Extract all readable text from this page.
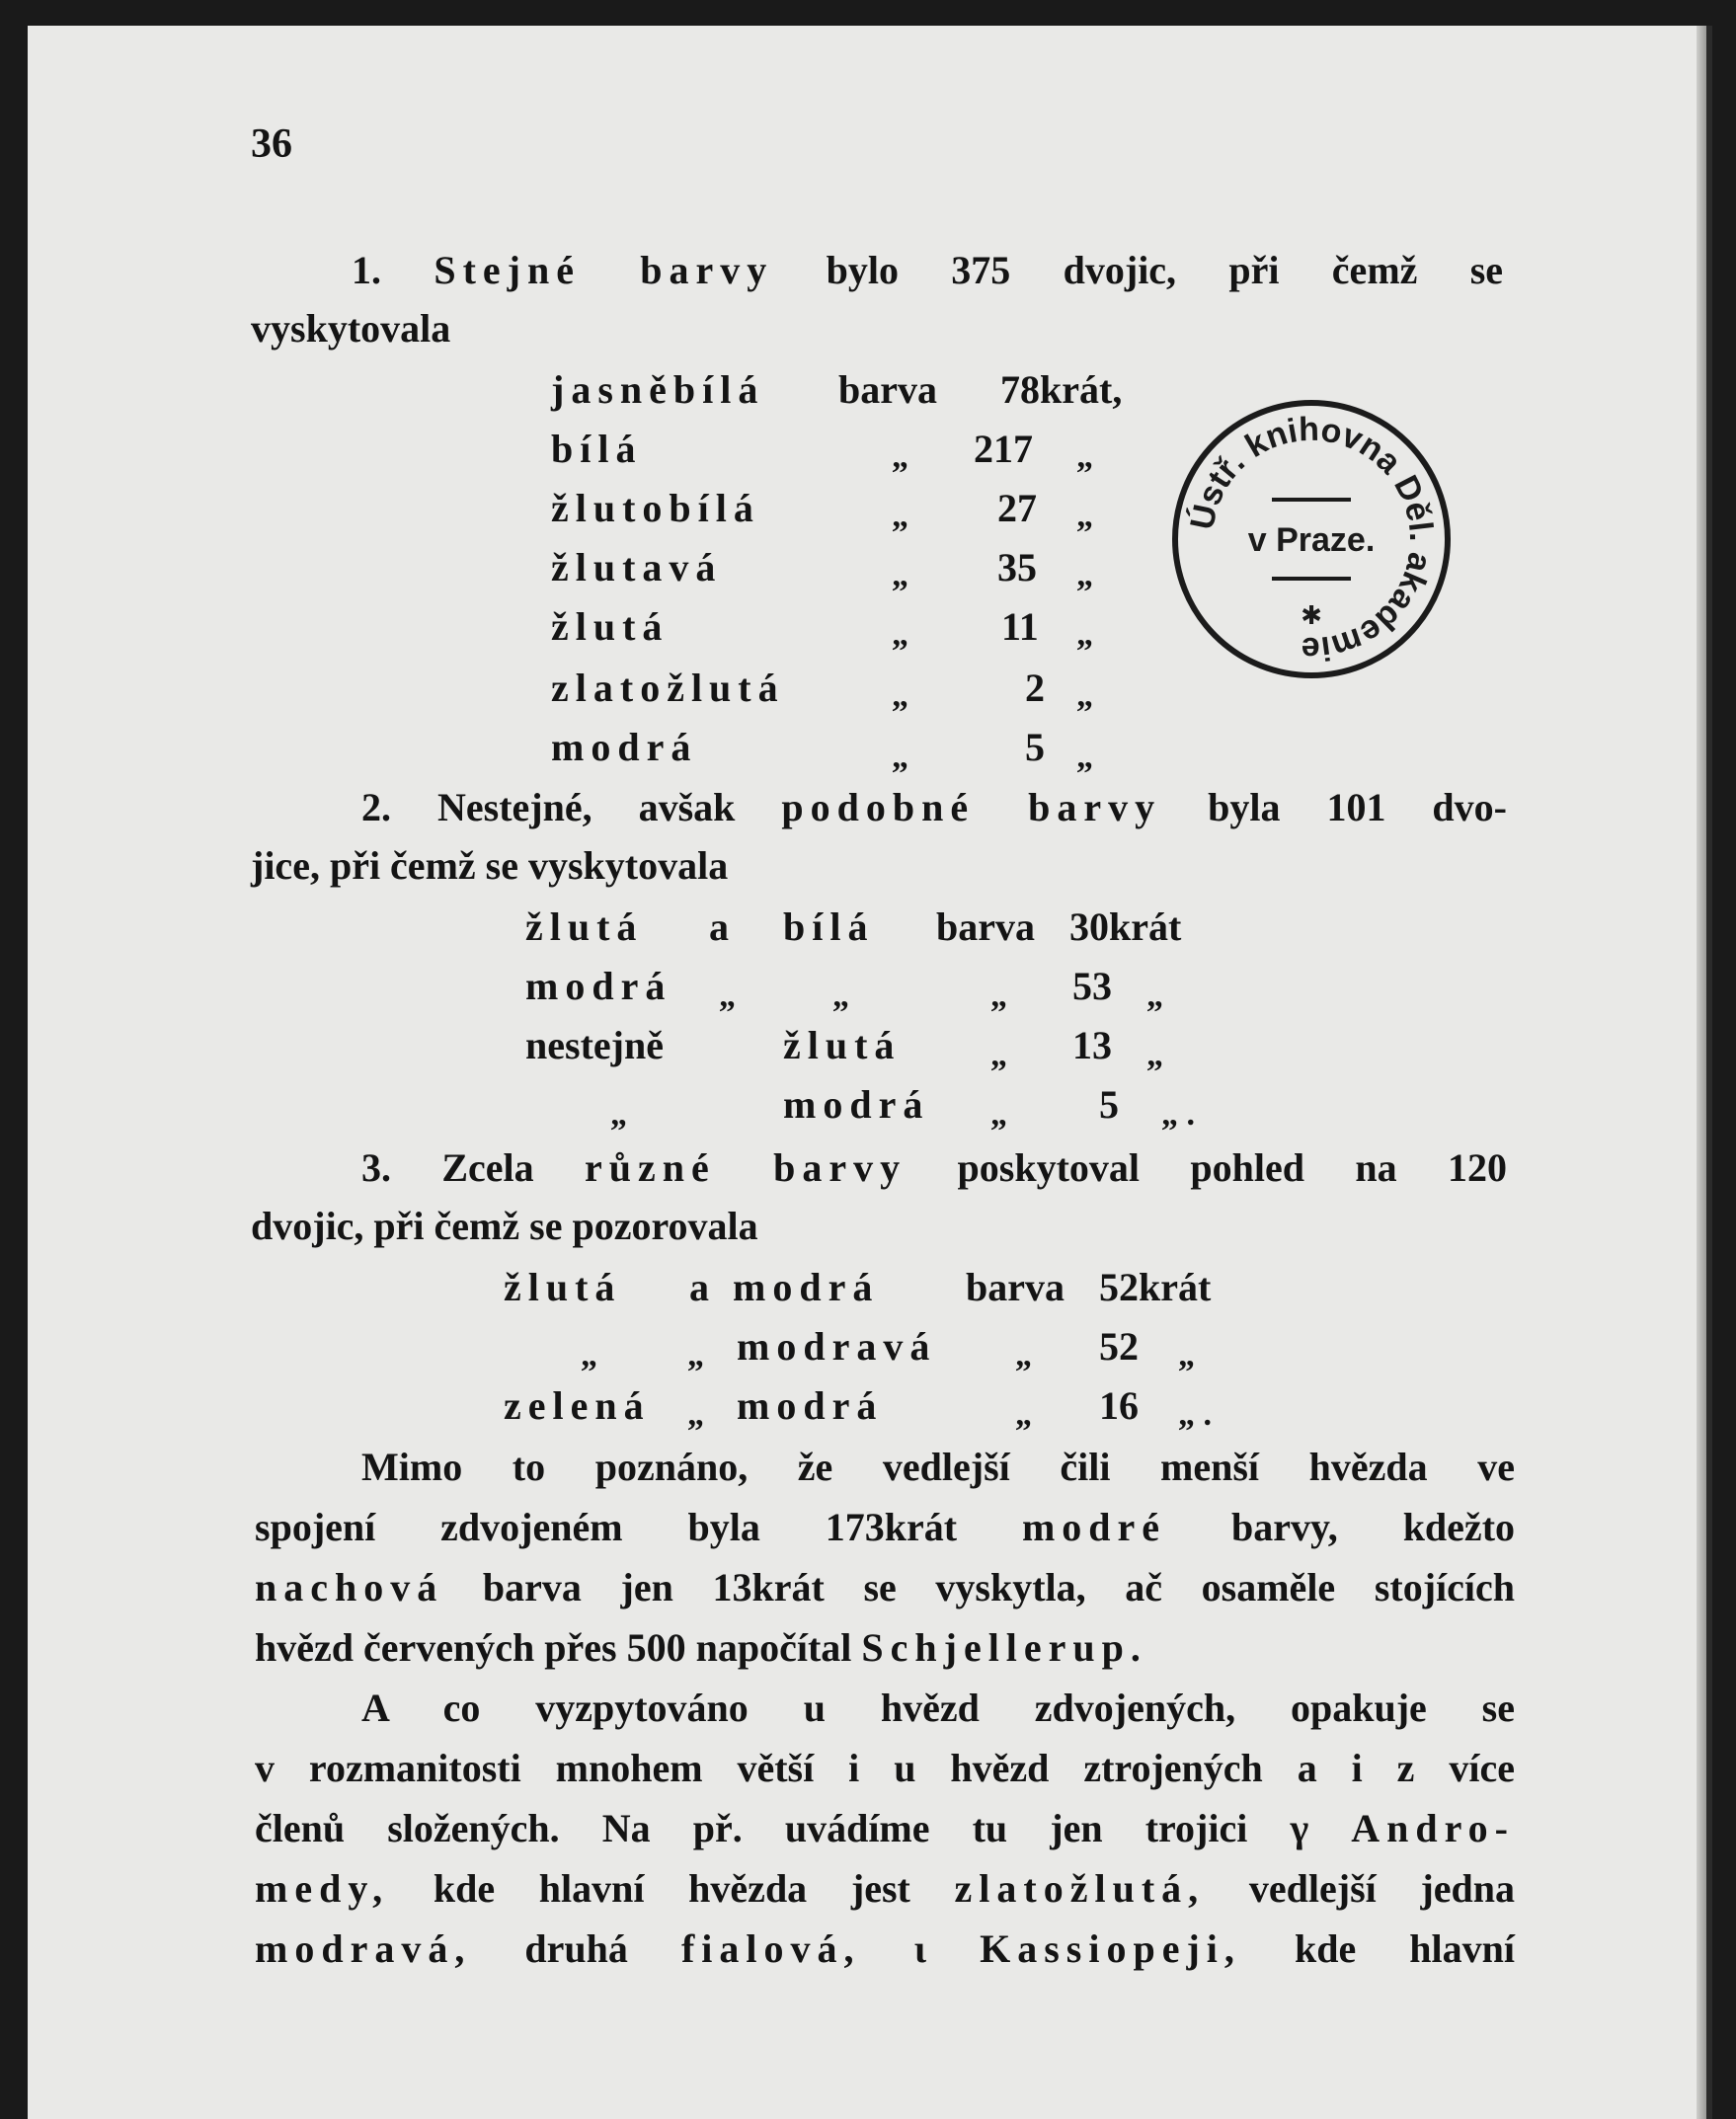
36
1. Stejné barvy bylo 375 dvojic, při čemž se
vyskytovala
jasněbílá barva 78krát,
bílá	„ 217 „
žlutobílá	„ 27 „
žlutavá	„ 35 „
žlutá	„ 11 „
zlatožlutá	„	2 „
modrá	„	5 „
2. Nestejné, avšak podobné barvy byla 101 dvo-
jice, při čemž se vyskytovala
žlutá a bílá barva 30krát
modrá „	„	„ 53 „
nestejně	žlutá	„ 13 „
„	modrá „ 5 „ .
3. Zcela různé barvy poskytoval pohled na 120
dvojic, při čemž se pozorovala
žlutá a modrá barva 52krát
„	„ modravá „ 52 „
zelená „ modrá	„ 16 „ .
Mimo to poznáno, že vedlejší čili menší hvězda ve
spojení zdvojeném byla 173krát modré barvy, kdežto
nachová barva jen 13krát se vyskytla, ač osaměle stojících
hvězd červených přes 500 napočítal Schjellerup.
A co vyzpytováno u hvězd zdvojených, opakuje se
v rozmanitosti mnohem větší i u hvězd ztrojených a i z více
členů složených. Na př. uvádíme tu jen trojici γ Andro-
medy, kde hlavní hvězda jest zlatožlutá, vedlejší jedna
modravá, druhá fialová, ι Kassiopeji, kde hlavní
Ústř. knihovna Děl. akademie
v Praze.
✱
